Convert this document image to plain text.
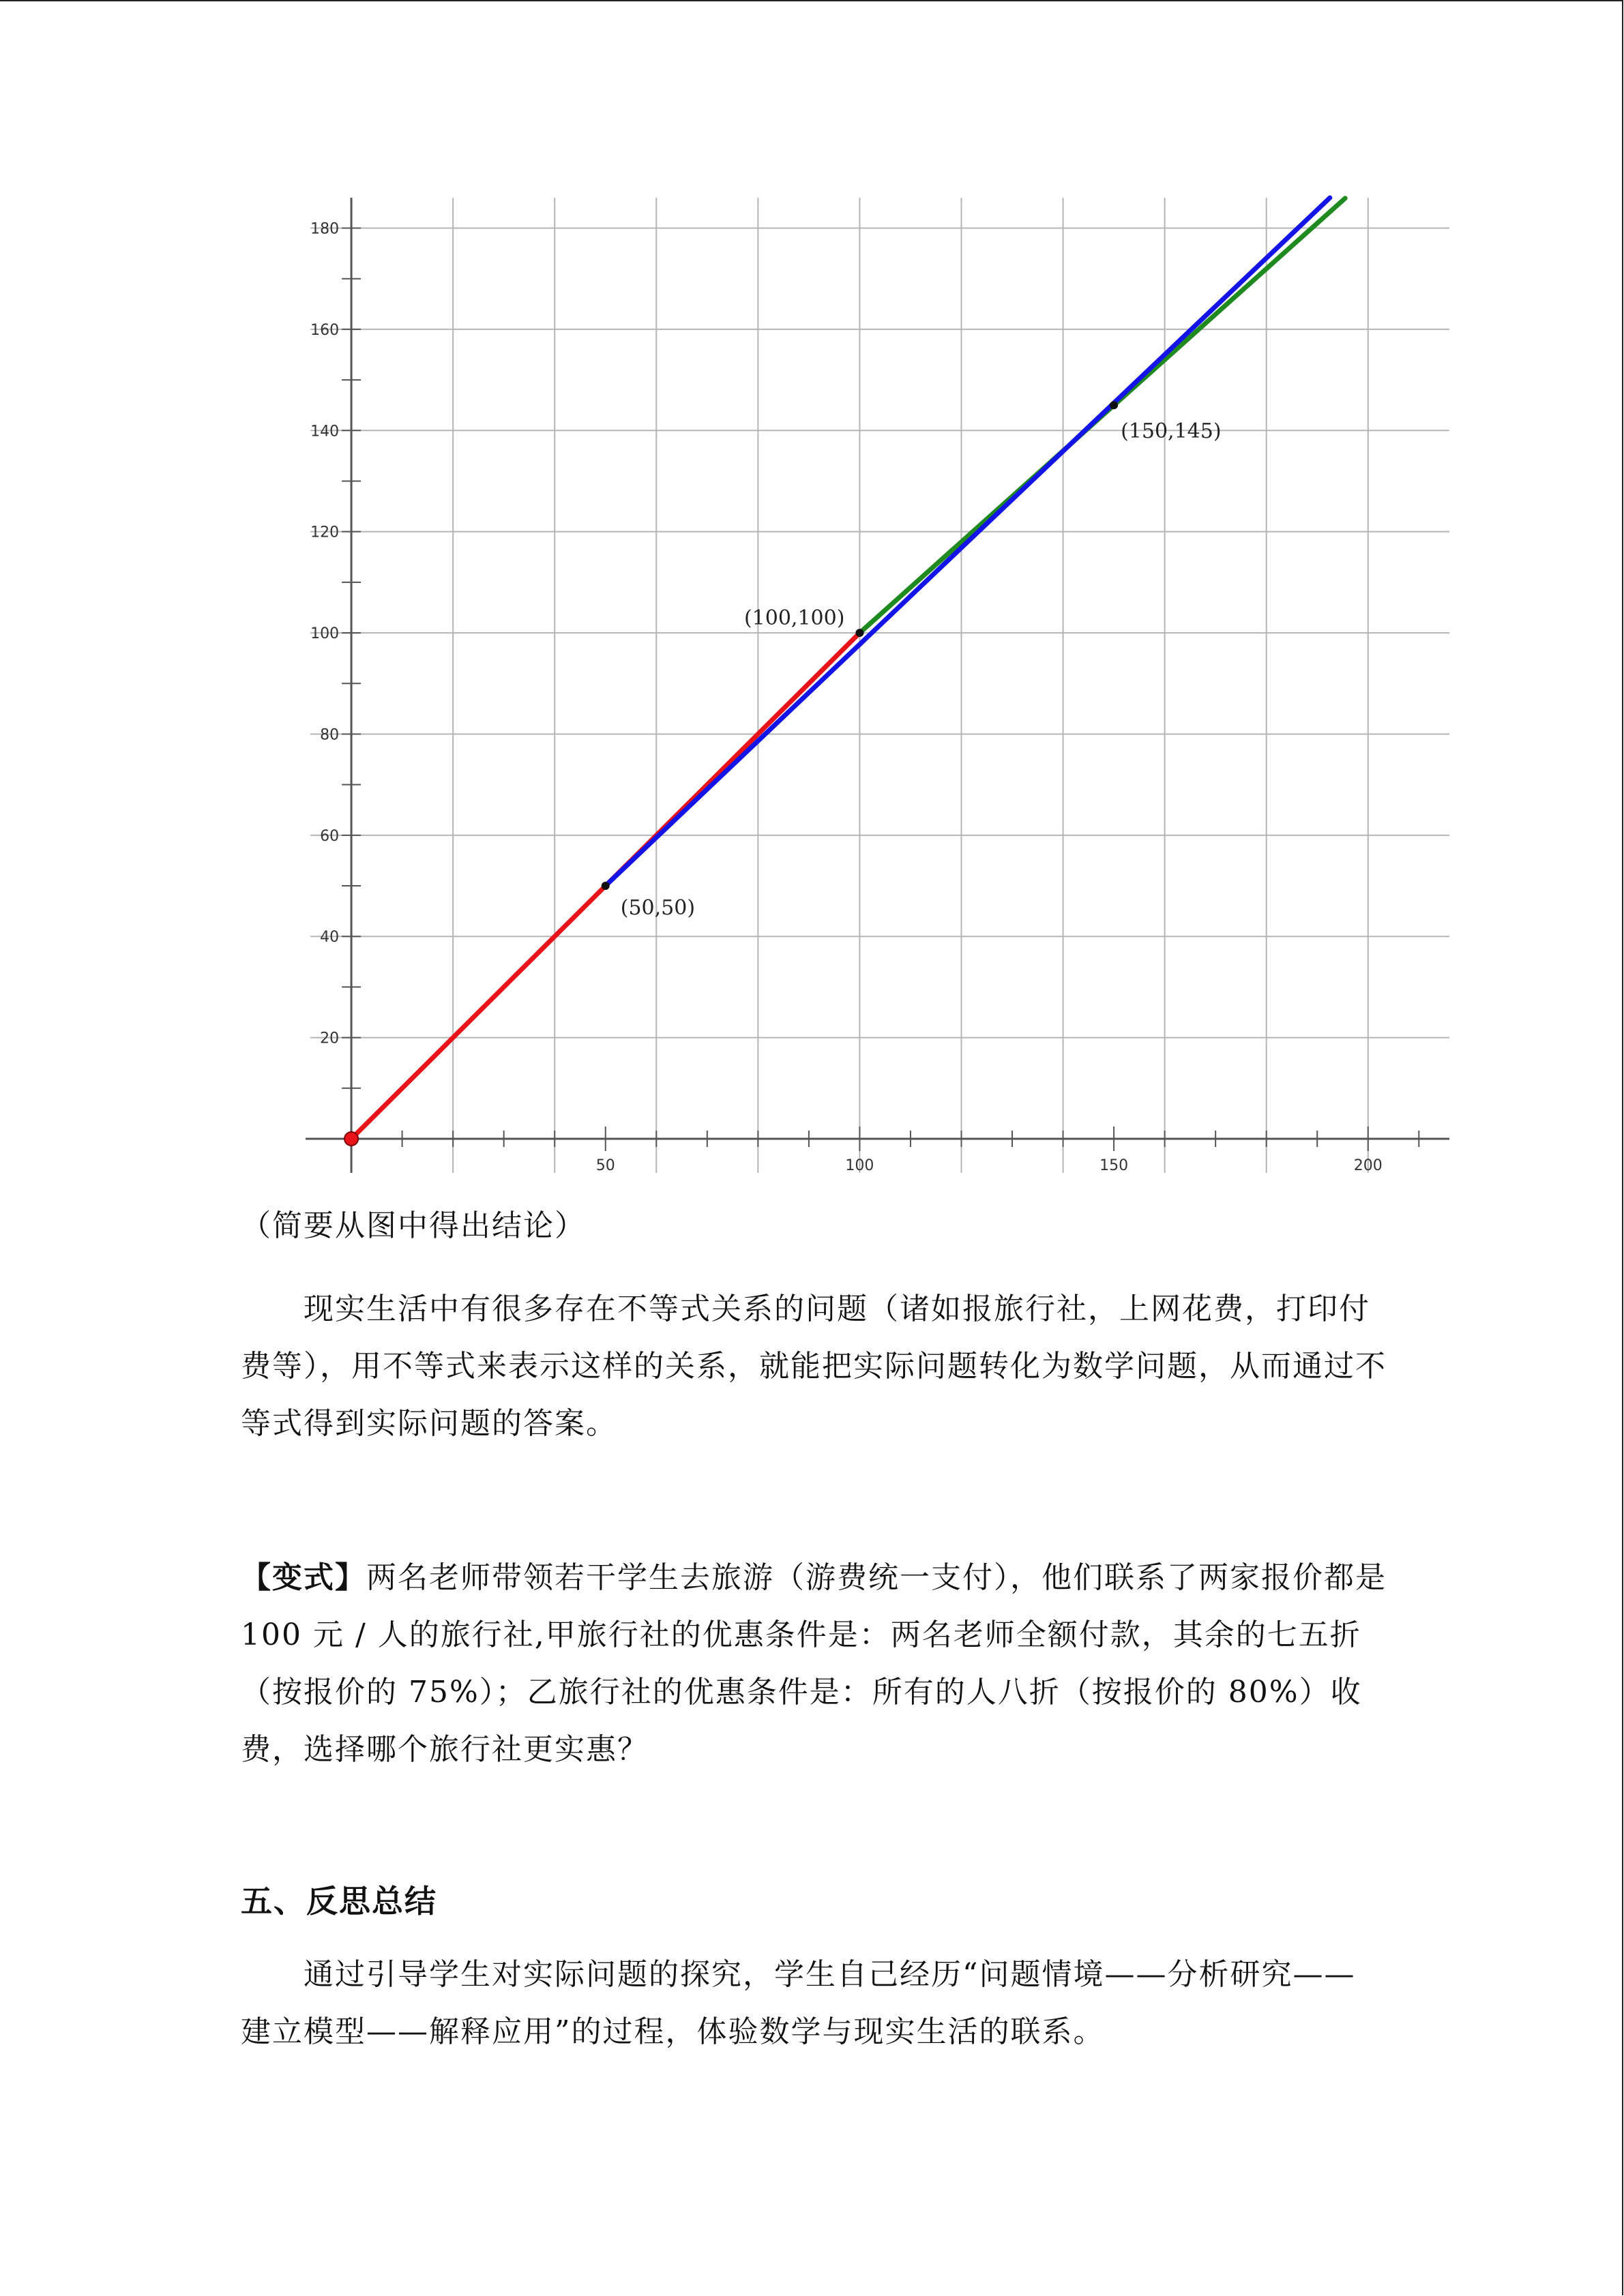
50	100	150	200
20
40
60
80
100
120
140
160
180
(50,50)
(100,100)
(150,145)
（简要从图中得出结论）

现实生活中有很多存在不等式关系的问题（诸如报旅行社，上网花费，打印付费等），用不等式来表示这样的关系，就能把实际问题转化为数学问题，从而通过不等式得到实际问题的答案。

【变式】两名老师带领若干学生去旅游（游费统一支付），他们联系了两家报价都是 100 元 / 人的旅行社,甲旅行社的优惠条件是：两名老师全额付款，其余的七五折（按报价的 75%）；乙旅行社的优惠条件是：所有的人八折（按报价的 80%）收费，选择哪个旅行社更实惠？

五、反思总结

通过引导学生对实际问题的探究，学生自己经历“问题情境——分析研究——建立模型——解释应用”的过程，体验数学与现实生活的联系。
